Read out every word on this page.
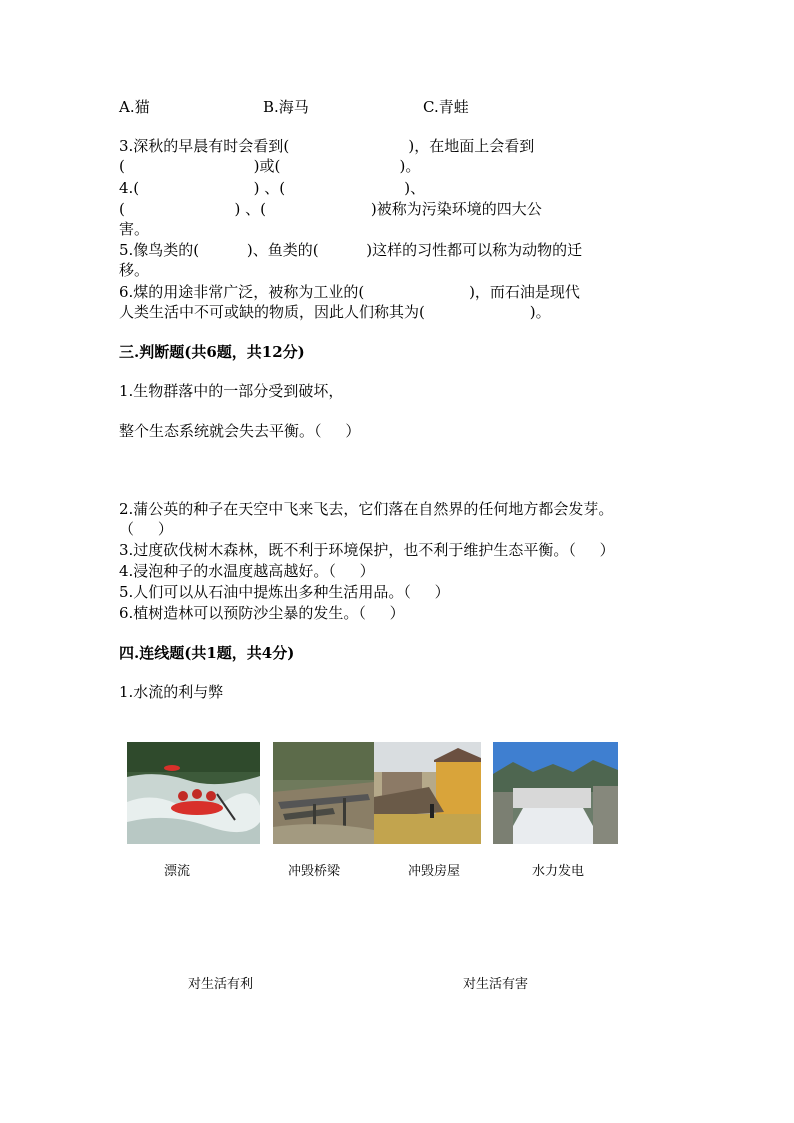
A.猫	B.海马	C.青蛙
3.深秋的早晨有时会看到(                         )，在地面上会看到
(                           )或(                         )。
4.(                        ) 、(                         )、
(                       ) 、(                      )被称为污染环境的四大公
害。
5.像鸟类的(          )、鱼类的(          )这样的习性都可以称为动物的迁
移。
6.煤的用途非常广泛，被称为工业的(                      )，而石油是现代
人类生活中不可或缺的物质，因此人们称其为(                      )。
三.判断题(共6题，共12分)
1.生物群落中的一部分受到破坏，
整个生态系统就会失去平衡。（     ）
2.蒲公英的种子在天空中飞来飞去，它们落在自然界的任何地方都会发芽。
（     ）
3.过度砍伐树木森林，既不利于环境保护，也不利于维护生态平衡。（     ）
4.浸泡种子的水温度越高越好。（     ）
5.人们可以从石油中提炼出多种生活用品。（     ）
6.植树造林可以预防沙尘暴的发生。（     ）
四.连线题(共1题，共4分)
1.水流的利与弊
漂流	冲毁桥梁	冲毁房屋	水力发电
对生活有利	对生活有害
